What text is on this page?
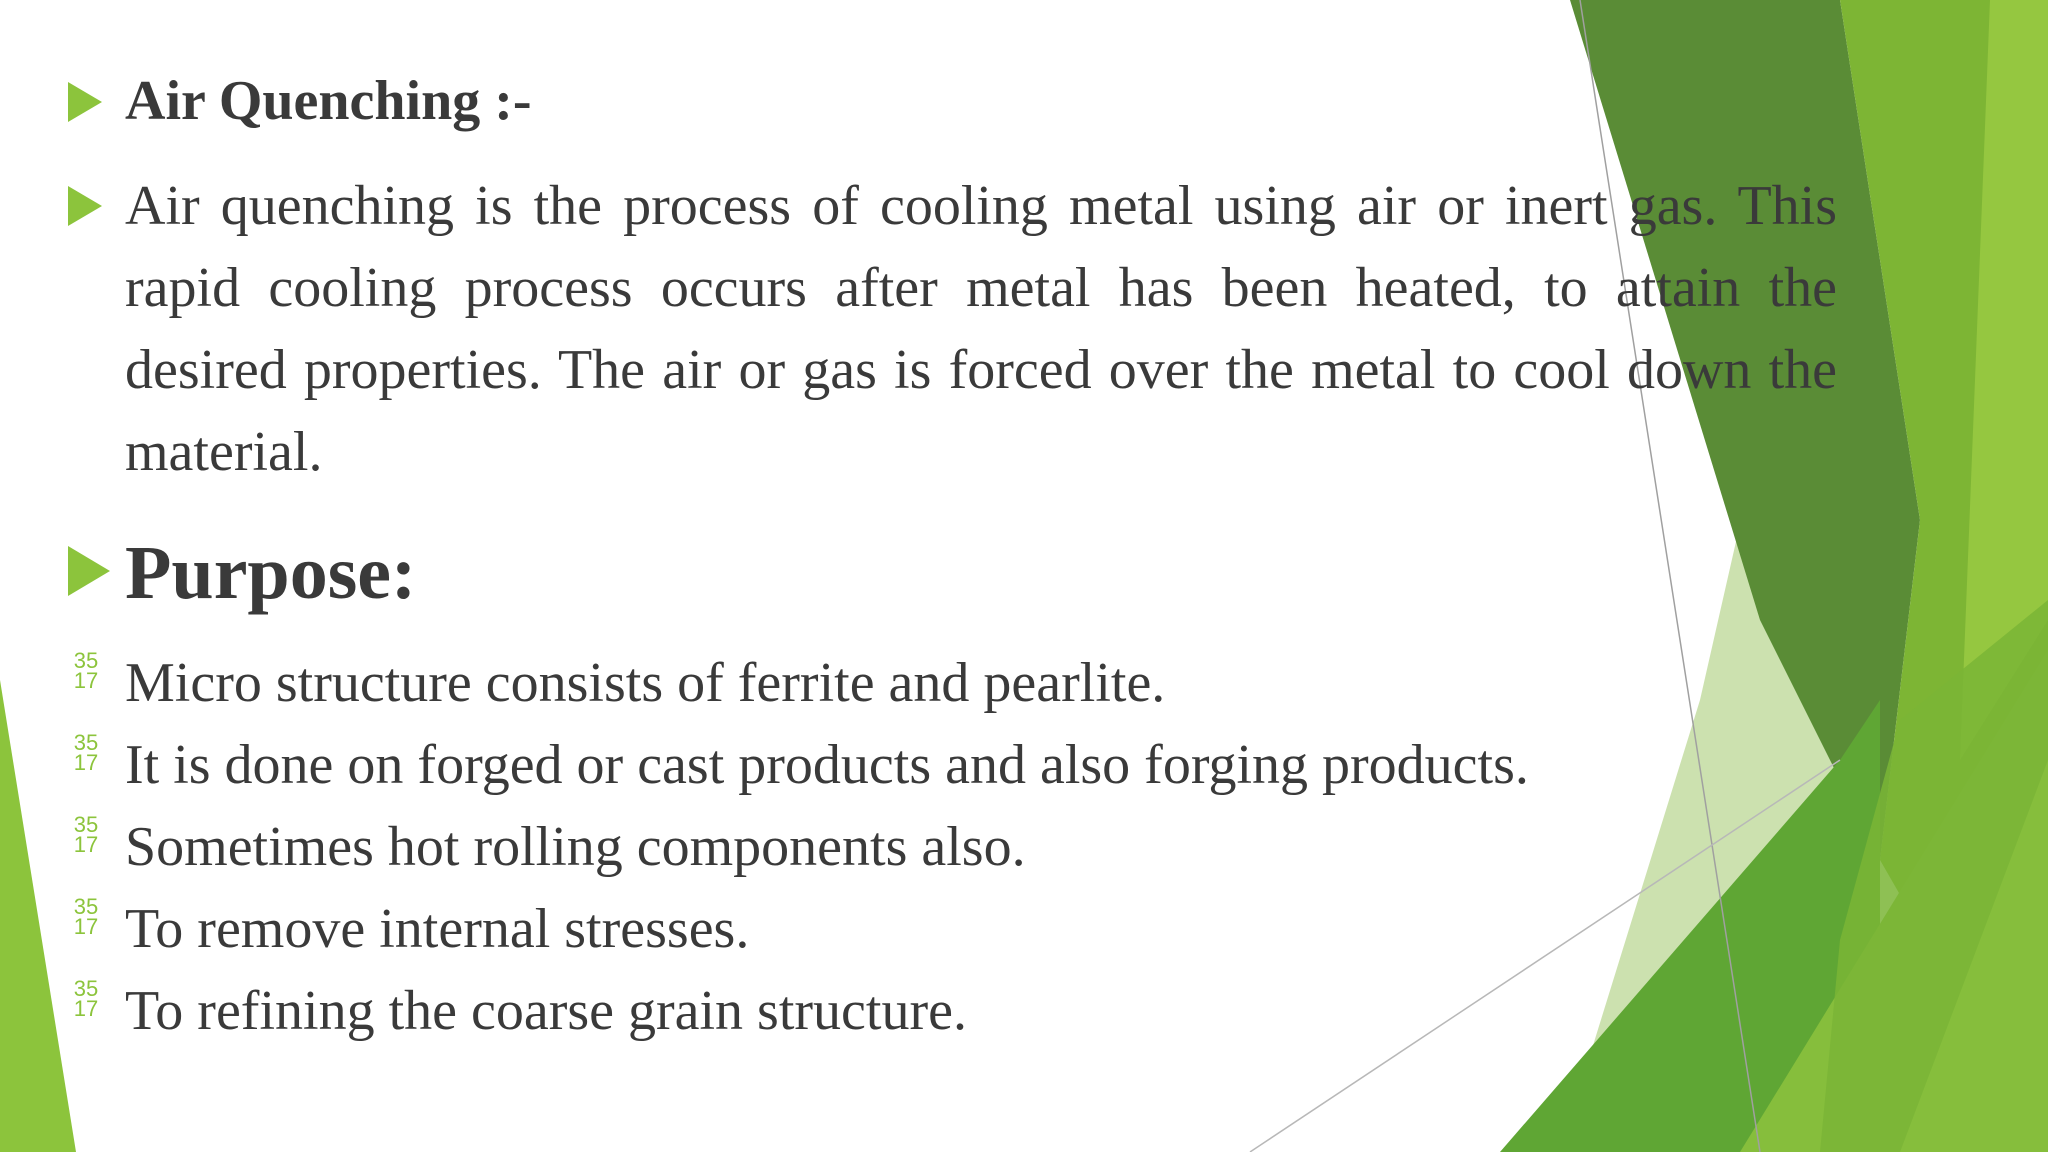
Air Quenching :-
Air quenching is the process of cooling metal using air or inert gas. This rapid cooling process occurs after metal has been heated, to attain the desired properties. The air or gas is forced over the metal to cool down the material.
Purpose:
35
17 Micro structure consists of ferrite and pearlite.
35
17 It is done on forged or cast products and also forging products.
35
17 Sometimes hot rolling components also.
35
17 To remove internal stresses.
35
17 To refining the coarse grain structure.
